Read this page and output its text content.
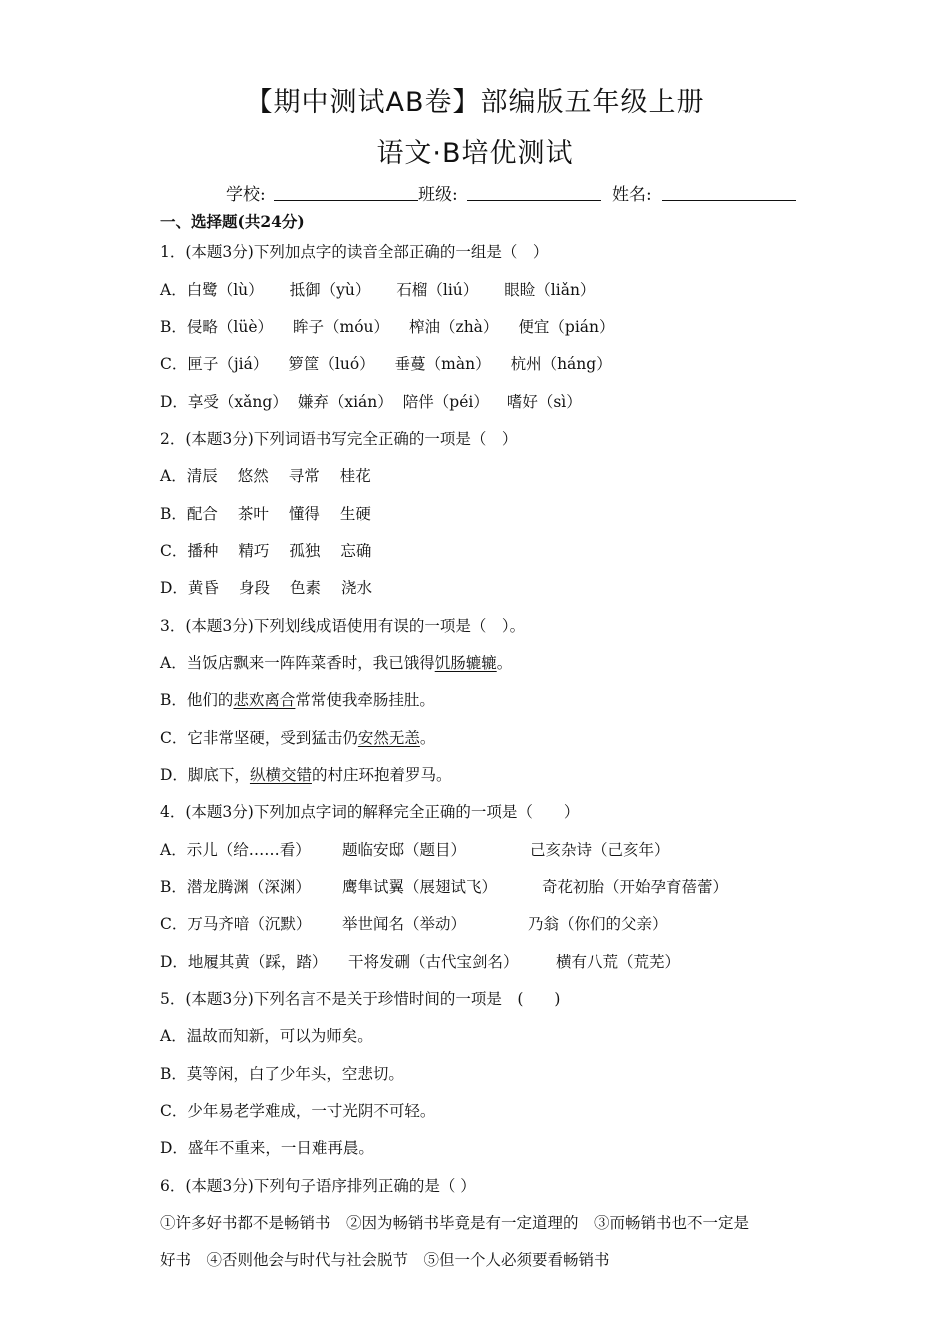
【期中测试AB卷】部编版五年级上册
语文·B培优测试
学校:	班级:	姓名:
一、选择题(共24分)
1．(本题3分)下列加点字的读音全部正确的一组是（　）
A．白鹭（lù） 抵御（yù） 石榴（liú） 眼睑（liǎn）
B．侵略（lüè） 眸子（móu） 榨油（zhà） 便宜（pián）
C．匣子（jiá） 箩筐（luó） 垂蔓（màn） 杭州（háng）
D．享受（xǎng） 嫌弃（xián） 陪伴（péi） 嗜好（sì）
2．(本题3分)下列词语书写完全正确的一项是（　）
A．清辰 悠然 寻常 桂花
B．配合 茶叶 懂得 生硬
C．播种 精巧 孤独 忘确
D．黄昏 身段 色素 浇水
3．(本题3分)下列划线成语使用有误的一项是（　）。
A．当饭店飘来一阵阵菜香时，我已饿得饥肠辘辘。
B．他们的悲欢离合常常使我牵肠挂肚。
C．它非常坚硬，受到猛击仍安然无恙。
D．脚底下，纵横交错的村庄环抱着罗马。
4．(本题3分)下列加点字词的解释完全正确的一项是（　　）
A．示儿（给……看） 题临安邸（题目）	己亥杂诗（己亥年）
B．潜龙腾渊（深渊） 鹰隼试翼（展翅试飞）	奇花初胎（开始孕育蓓蕾）
C．万马齐喑（沉默） 举世闻名（举动）	乃翁（你们的父亲）
D．地履其黄（踩，踏） 干将发硎（古代宝剑名） 横有八荒（荒芜）
5．(本题3分)下列名言不是关于珍惜时间的一项是　(　　)
A．温故而知新，可以为师矣。
B．莫等闲，白了少年头，空悲切。
C．少年易老学难成，一寸光阴不可轻。
D．盛年不重来，一日难再晨。
6．(本题3分)下列句子语序排列正确的是（ ）
①许多好书都不是畅销书　②因为畅销书毕竟是有一定道理的　③而畅销书也不一定是
好书　④否则他会与时代与社会脱节　⑤但一个人必须要看畅销书
